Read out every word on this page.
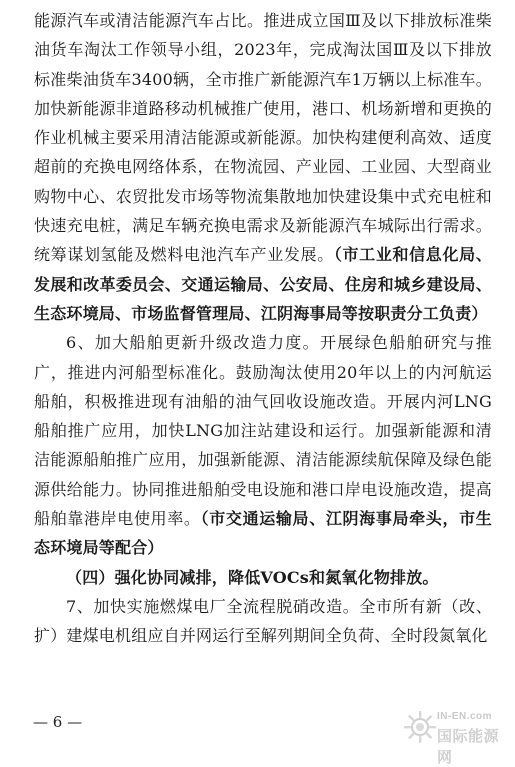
能源汽车或清洁能源汽车占比。推进成立国Ⅲ及以下排放标准柴油货车淘汰工作领导小组，2023年，完成淘汰国Ⅲ及以下排放标准柴油货车3400辆，全市推广新能源汽车1万辆以上标准车。加快新能源非道路移动机械推广使用，港口、机场新增和更换的作业机械主要采用清洁能源或新能源。加快构建便利高效、适度超前的充换电网络体系，在物流园、产业园、工业园、大型商业购物中心、农贸批发市场等物流集散地加快建设集中式充电桩和快速充电桩，满足车辆充换电需求及新能源汽车城际出行需求。统筹谋划氢能及燃料电池汽车产业发展。（市工业和信息化局、发展和改革委员会、交通运输局、公安局、住房和城乡建设局、生态环境局、市场监督管理局、江阴海事局等按职责分工负责）

6、加大船舶更新升级改造力度。开展绿色船舶研究与推广，推进内河船型标准化。鼓励淘汰使用20年以上的内河航运船舶，积极推进现有油船的油气回收设施改造。开展内河LNG船舶推广应用，加快LNG加注站建设和运行。加强新能源和清洁能源船舶推广应用，加强新能源、清洁能源续航保障及绿色能源供给能力。协同推进船舶受电设施和港口岸电设施改造，提高船舶靠港岸电使用率。（市交通运输局、江阴海事局牵头，市生态环境局等配合）

（四）强化协同减排，降低VOCs和氮氧化物排放。

7、加快实施燃煤电厂全流程脱硝改造。全市所有新（改、扩）建煤电机组应自并网运行至解列期间全负荷、全时段氮氧化

— 6 —	IN-EN.com
国际能源网
